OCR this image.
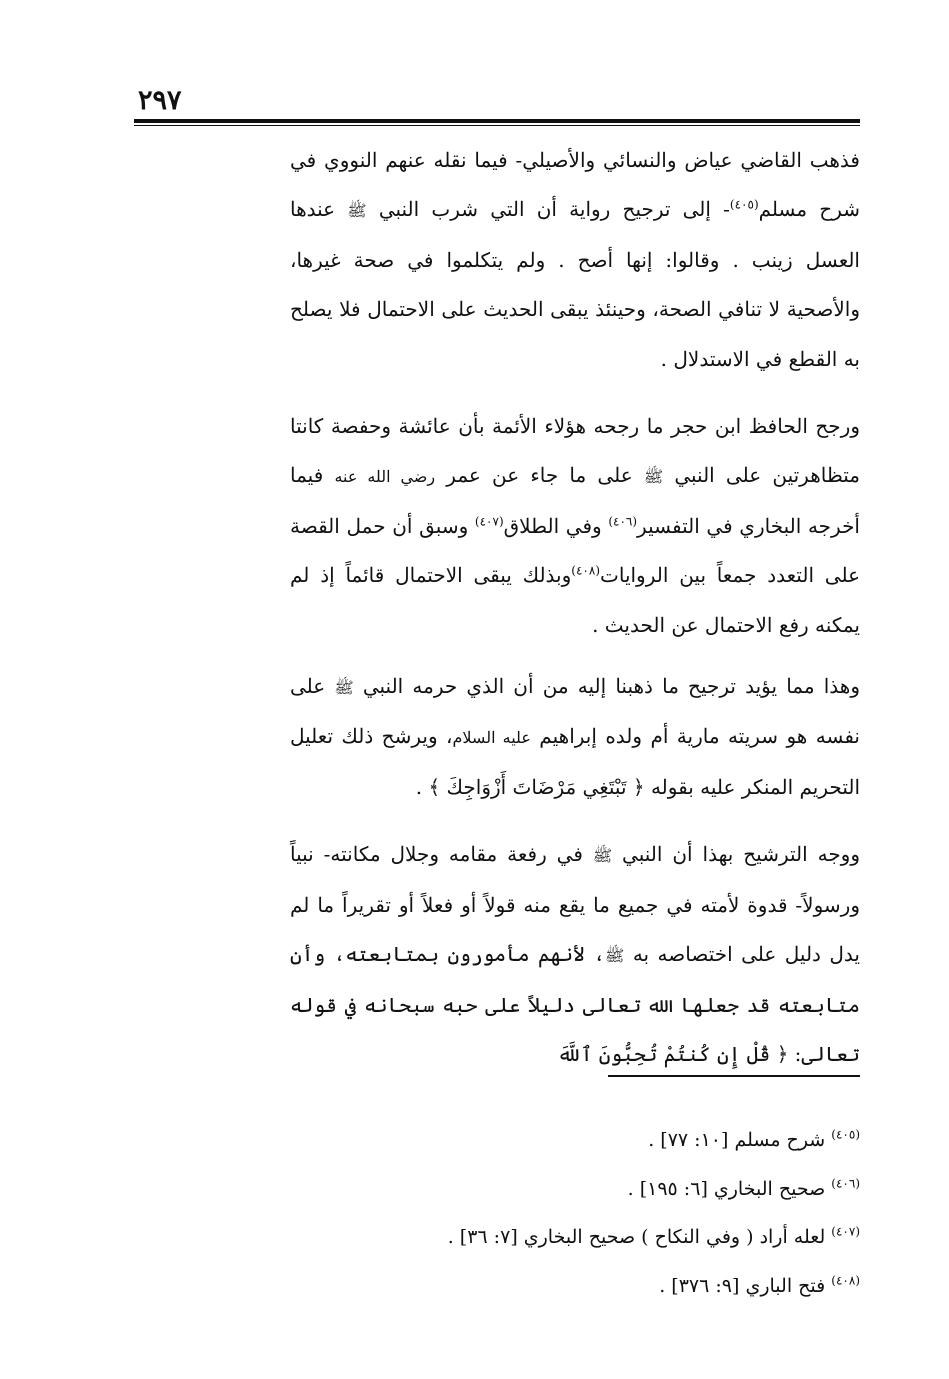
٢٩٧

فذهب القاضي عياض والنسائي والأصيلي- فيما نقله عنهم النووي في شرح مسلم$^{(٤٠٥)}$- إلى ترجيح رواية أن التي شرب النبي ﷺ عندها العسل زينب . وقالوا: إنها أصح . ولم يتكلموا في صحة غيرها، والأصحية لا تنافي الصحة، وحينئذ يبقى الحديث على الاحتمال فلا يصلح به القطع في الاستدلال .

ورجح الحافظ ابن حجر ما رجحه هؤلاء الأئمة بأن عائشة وحفصة كانتا متظاهرتين على النبي ﷺ على ما جاء عن عمر رضي الله عنه فيما أخرجه البخاري في التفسير$^{(٤٠٦)}$ وفي الطلاق$^{(٤٠٧)}$ وسبق أن حمل القصة على التعدد جمعاً بين الروايات$^{(٤٠٨)}$وبذلك يبقى الاحتمال قائماً إذ لم يمكنه رفع الاحتمال عن الحديث .

وهذا مما يؤيد ترجيح ما ذهبنا إليه من أن الذي حرمه النبي ﷺ على نفسه هو سريته مارية أم ولده إبراهيم عليه السلام، ويرشح ذلك تعليل التحريم المنكر عليه بقوله ﴿ تَبْتَغِي مَرْضَاتَ أَزْوَاجِكَ ﴾ .

ووجه الترشيح بهذا أن النبي ﷺ في رفعة مقامه وجلال مكانته- نبياً ورسولاً- قدوة لأمته في جميع ما يقع منه قولاً أو فعلاً أو تقريراً ما لم يدل دليل على اختصاصه به ﷺ، لأنهم مأمورون بمتابعته، وأن متابعته قد جعلها الله تعالى دليلاً على حبه سبحانه في قوله تعالى: ﴿ قُلْ إِن كُنتُمْ تُحِبُّونَ ٱللَّهَ

$^{(٤٠٥)}$ شرح مسلم [١٠: ٧٧] .
$^{(٤٠٦)}$ صحيح البخاري [٦: ١٩٥] .
$^{(٤٠٧)}$ لعله أراد ( وفي النكاح ) صحيح البخاري [٧: ٣٦] .
$^{(٤٠٨)}$ فتح الباري [٩: ٣٧٦] .
